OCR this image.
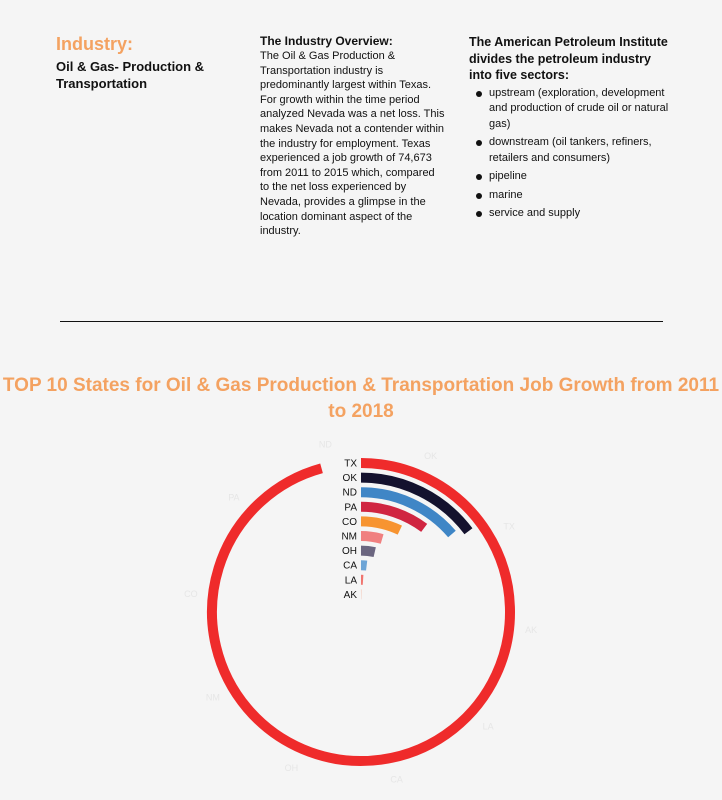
Industry:
Oil & Gas- Production & Transportation
The Industry Overview:
The Oil & Gas Production & Transportation industry is predominantly largest within Texas. For growth within the time period analyzed Nevada was a net loss. This makes Nevada not a contender within the industry for employment. Texas experienced a job growth of 74,673 from 2011 to 2015 which, compared to the net loss experienced by Nevada, provides a glimpse in the location dominant aspect of the industry.
The American Petroleum Institute divides the petroleum industry into five sectors:
upstream (exploration, development and production of crude oil or natural gas)
downstream (oil tankers, refiners, retailers and consumers)
pipeline
marine
service and supply
TOP 10 States for Oil & Gas Production & Transportation Job Growth from 2011 to 2018
AK
LA
CA
OH
NM
CO
PA
ND
OK
TX
TX
OK
ND
PA
CO
NM
OH
CA
LA
AK
